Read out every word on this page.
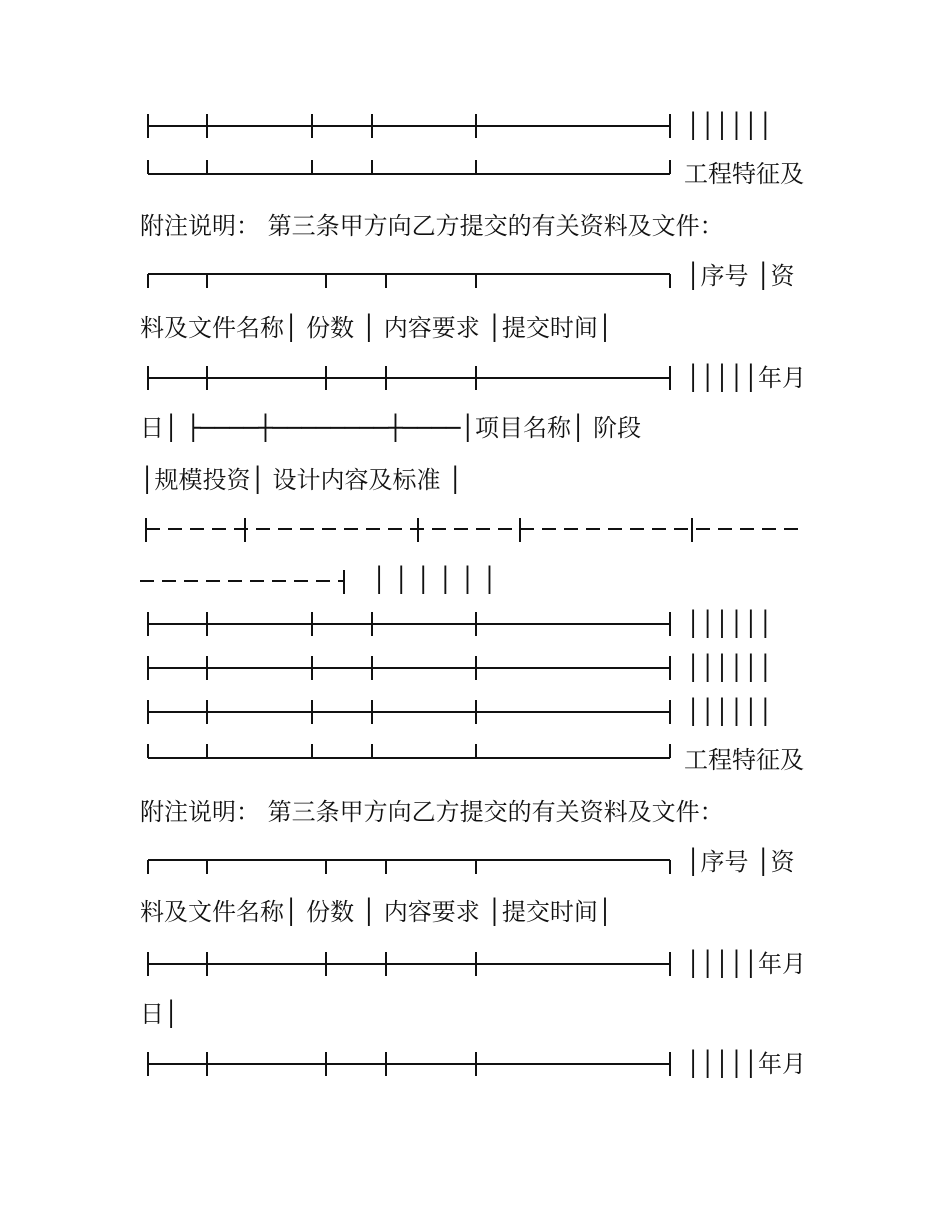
││││││
工程特征及
附注说明： 第三条甲方向乙方提交的有关资料及文件：
│序号 │资
料及文件名称│ 份数 │ 内容要求 │提交时间│
│││││ 年月
日│ ├────┼────────┼────│项目名称│ 阶段
│规模投资│ 设计内容及标准 │
│ │ │ │ │ │
││││││
││││││
││││││
工程特征及
附注说明： 第三条甲方向乙方提交的有关资料及文件：
│序号 │资
料及文件名称│ 份数 │ 内容要求 │提交时间│
│││││ 年月
日│
│││││ 年月
